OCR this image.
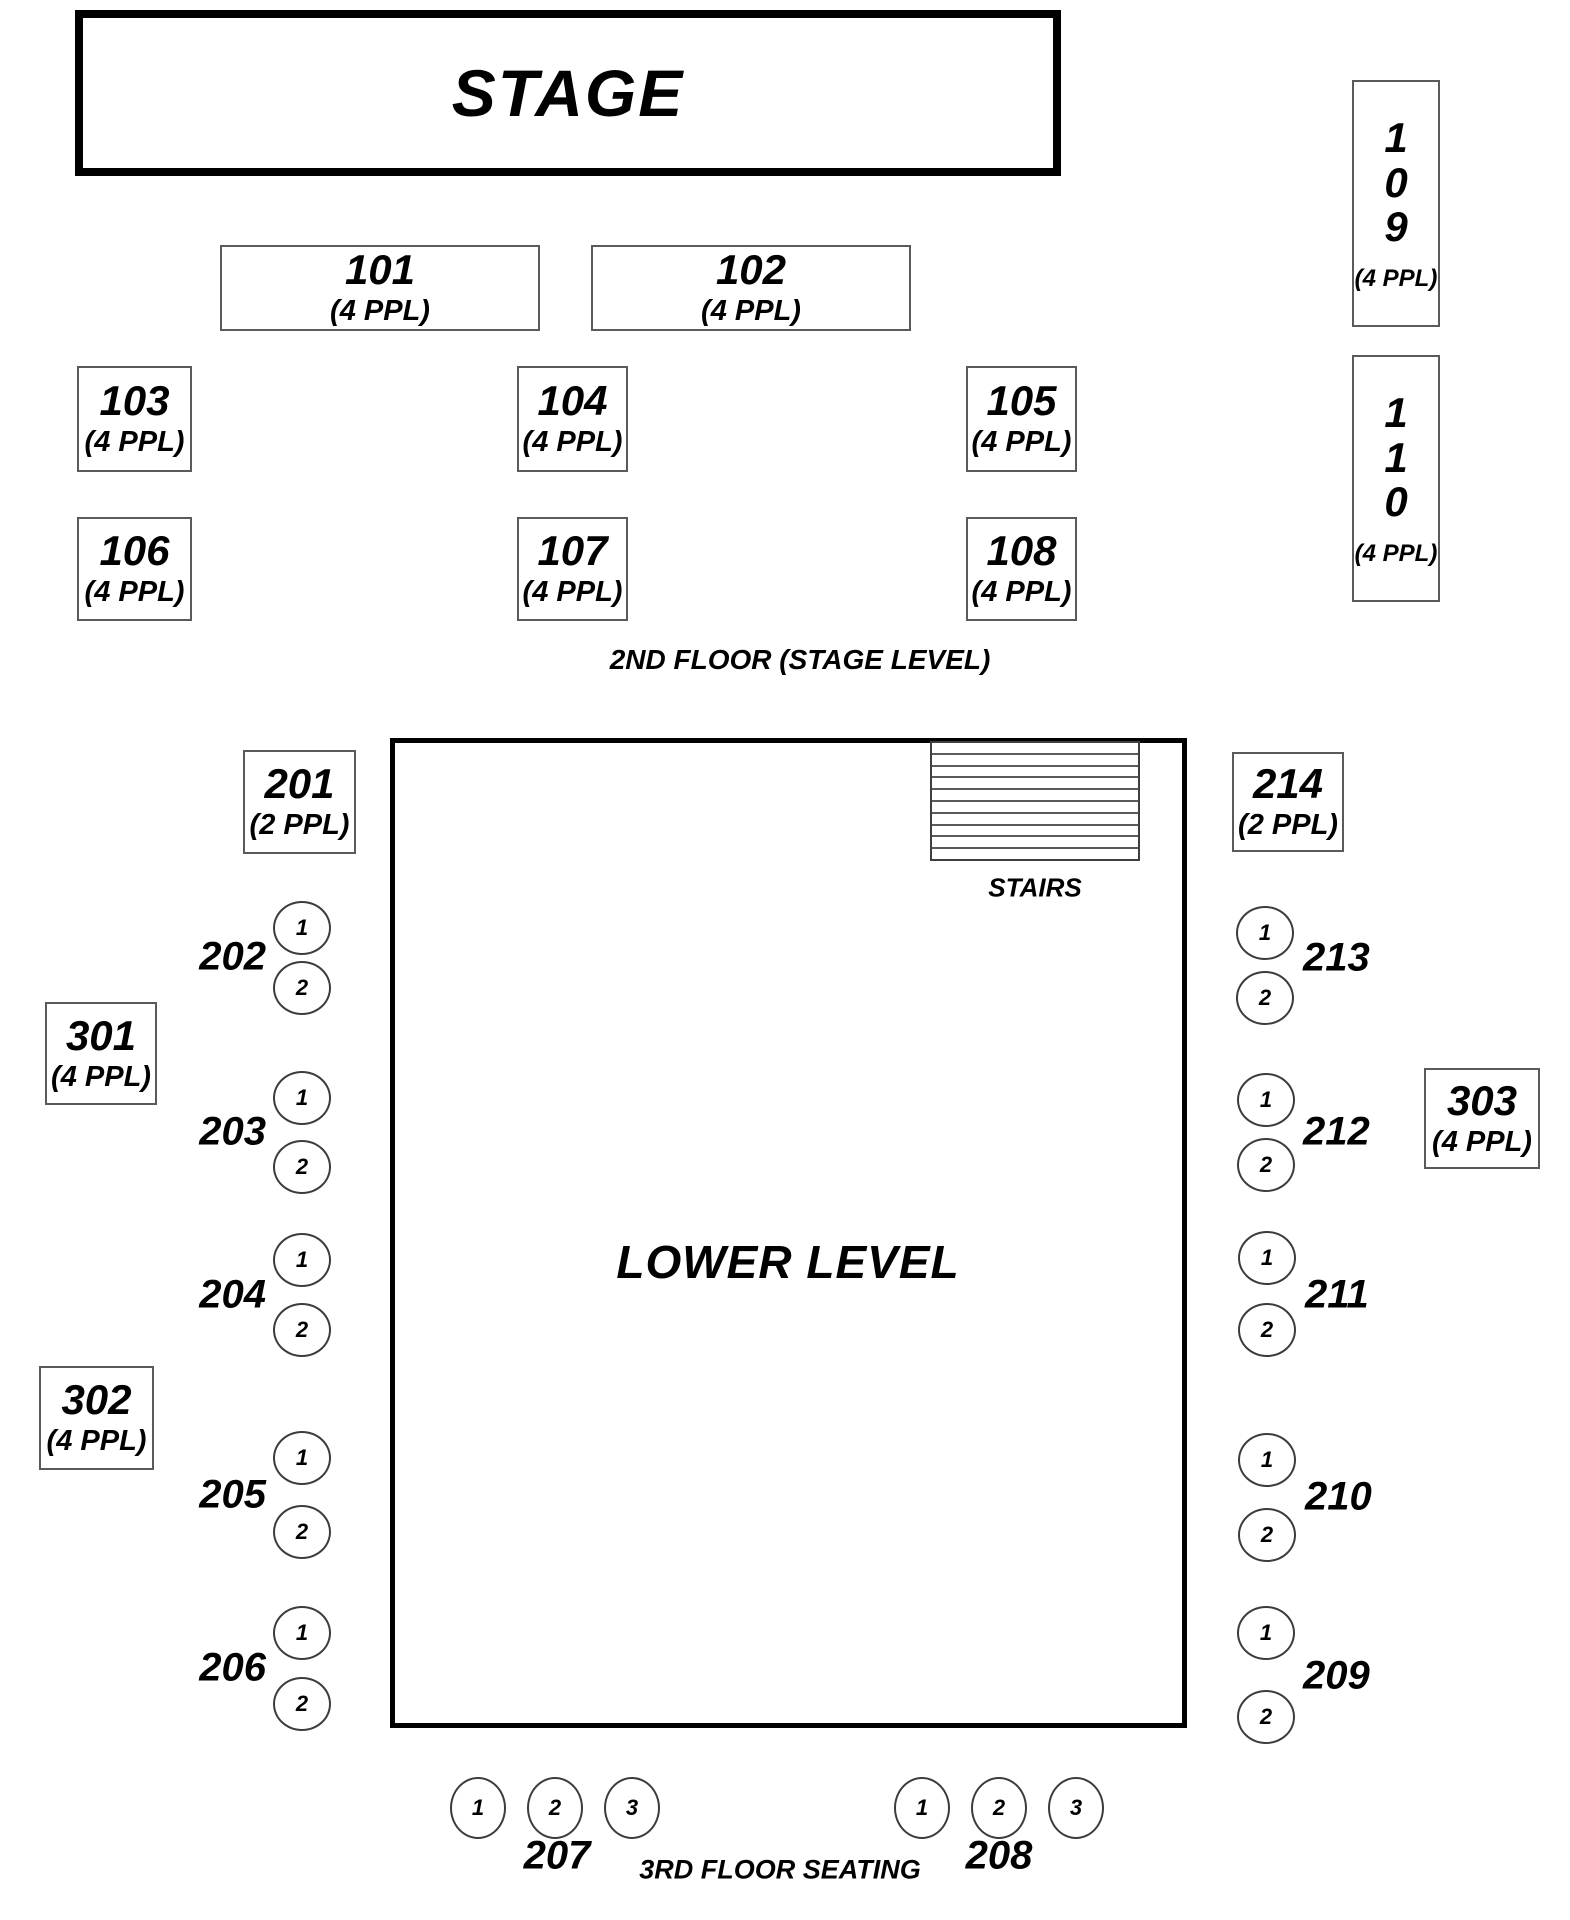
STAGE
2ND FLOOR (STAGE LEVEL)
STAIRS
LOWER LEVEL
3RD FLOOR SEATING
101
(4 PPL)
102
(4 PPL)
103
(4 PPL)
104
(4 PPL)
105
(4 PPL)
106
(4 PPL)
107
(4 PPL)
108
(4 PPL)
1
0
9
(4 PPL)
1
1
0
(4 PPL)
201
(2 PPL)
214
(2 PPL)
301
(4 PPL)
302
(4 PPL)
303
(4 PPL)
1
2
202
1
2
203
1
2
204
1
2
205
1
2
206
1	2	3
207
1	2	3
208
1
2
209
1
2
210
1
2
211
1
2
212
1
2
213
